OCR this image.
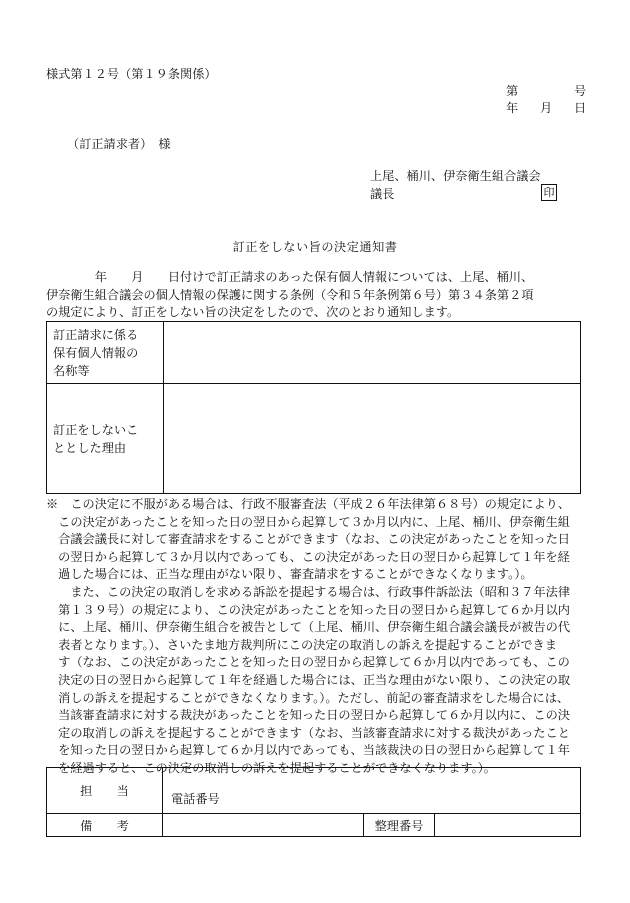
様式第１２号（第１９条関係）
第	号
年 月 日
（訂正請求者）　様
上尾、桶川、伊奈衛生組合議会
議長	印
訂正をしない旨の決定通知書
　　　　年　　月　　日付けで訂正請求のあった保有個人情報については、上尾、桶川、
伊奈衛生組合議会の個人情報の保護に関する条例（令和５年条例第６号）第３４条第２項
の規定により、訂正をしない旨の決定をしたので、次のとおり通知します。
訂正請求に係る
保有個人情報の
名称等	

訂正をしないこ
ととした理由	

※　この決定に不服がある場合は、行政不服審査法（平成２６年法律第６８号）の規定により、
　この決定があったことを知った日の翌日から起算して３か月以内に、上尾、桶川、伊奈衛生組
　合議会議長に対して審査請求をすることができます（なお、この決定があったことを知った日
　の翌日から起算して３か月以内であっても、この決定があった日の翌日から起算して１年を経
　過した場合には、正当な理由がない限り、審査請求をすることができなくなります。）。
　　また、この決定の取消しを求める訴訟を提起する場合は、行政事件訴訟法（昭和３７年法律
　第１３９号）の規定により、この決定があったことを知った日の翌日から起算して６か月以内
　に、上尾、桶川、伊奈衛生組合を被告として（上尾、桶川、伊奈衛生組合議会議長が被告の代
　表者となります。）、さいたま地方裁判所にこの決定の取消しの訴えを提起することができま
　す（なお、この決定があったことを知った日の翌日から起算して６か月以内であっても、この
　決定の日の翌日から起算して１年を経過した場合には、正当な理由がない限り、この決定の取
　消しの訴えを提起することができなくなります。）。ただし、前記の審査請求をした場合には、
　当該審査請求に対する裁決があったことを知った日の翌日から起算して６か月以内に、この決
　定の取消しの訴えを提起することができます（なお、当該審査請求に対する裁決があったこと
　を知った日の翌日から起算して６か月以内であっても、当該裁決の日の翌日から起算して１年
　を経過すると、この決定の取消しの訴えを提起することができなくなります。）。
担　　当	電話番号		
備　　考		整理番号	
